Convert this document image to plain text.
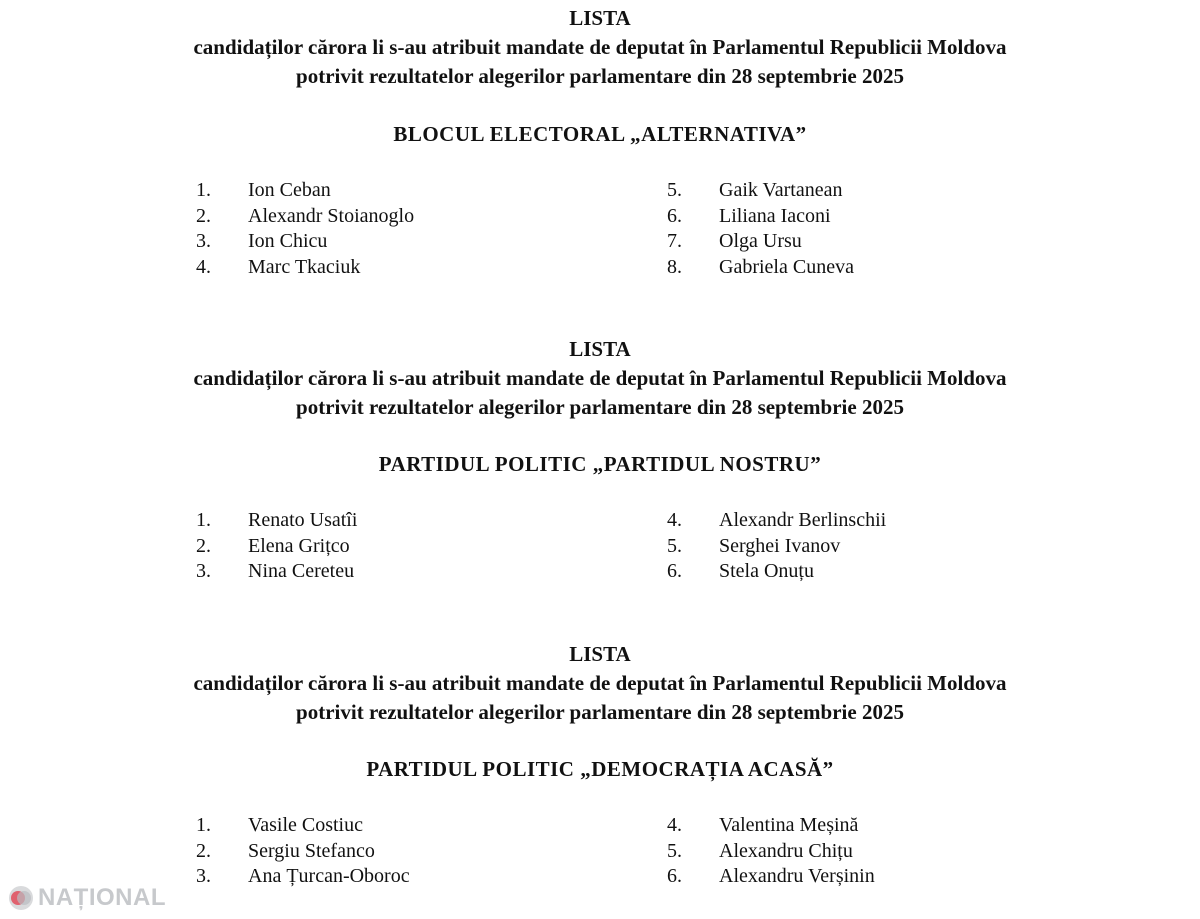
LISTA

candidaților cărora li s-au atribuit mandate de deputat în Parlamentul Republicii Moldova

potrivit rezultatelor alegerilor parlamentare din 28 septembrie 2025

BLOCUL ELECTORAL „ALTERNATIVA”

1.	Ion Ceban
2.	Alexandr Stoianoglo
3.	Ion Chicu
4.	Marc Tkaciuk
5.	Gaik Vartanean
6.	Liliana Iaconi
7.	Olga Ursu
8.	Gabriela Cuneva

LISTA

candidaților cărora li s-au atribuit mandate de deputat în Parlamentul Republicii Moldova

potrivit rezultatelor alegerilor parlamentare din 28 septembrie 2025

PARTIDUL POLITIC „PARTIDUL NOSTRU”

1.	Renato Usatîi
2.	Elena Grițco
3.	Nina Cereteu
4.	Alexandr Berlinschii
5.	Serghei Ivanov
6.	Stela Onuțu

LISTA

candidaților cărora li s-au atribuit mandate de deputat în Parlamentul Republicii Moldova

potrivit rezultatelor alegerilor parlamentare din 28 septembrie 2025

PARTIDUL POLITIC „DEMOCRAȚIA ACASĂ”

1.	Vasile Costiuc
2.	Sergiu Stefanco
3.	Ana Țurcan-Oboroc
4.	Valentina Meșină
5.	Alexandru Chițu
6.	Alexandru Verșinin
NAȚIONAL
